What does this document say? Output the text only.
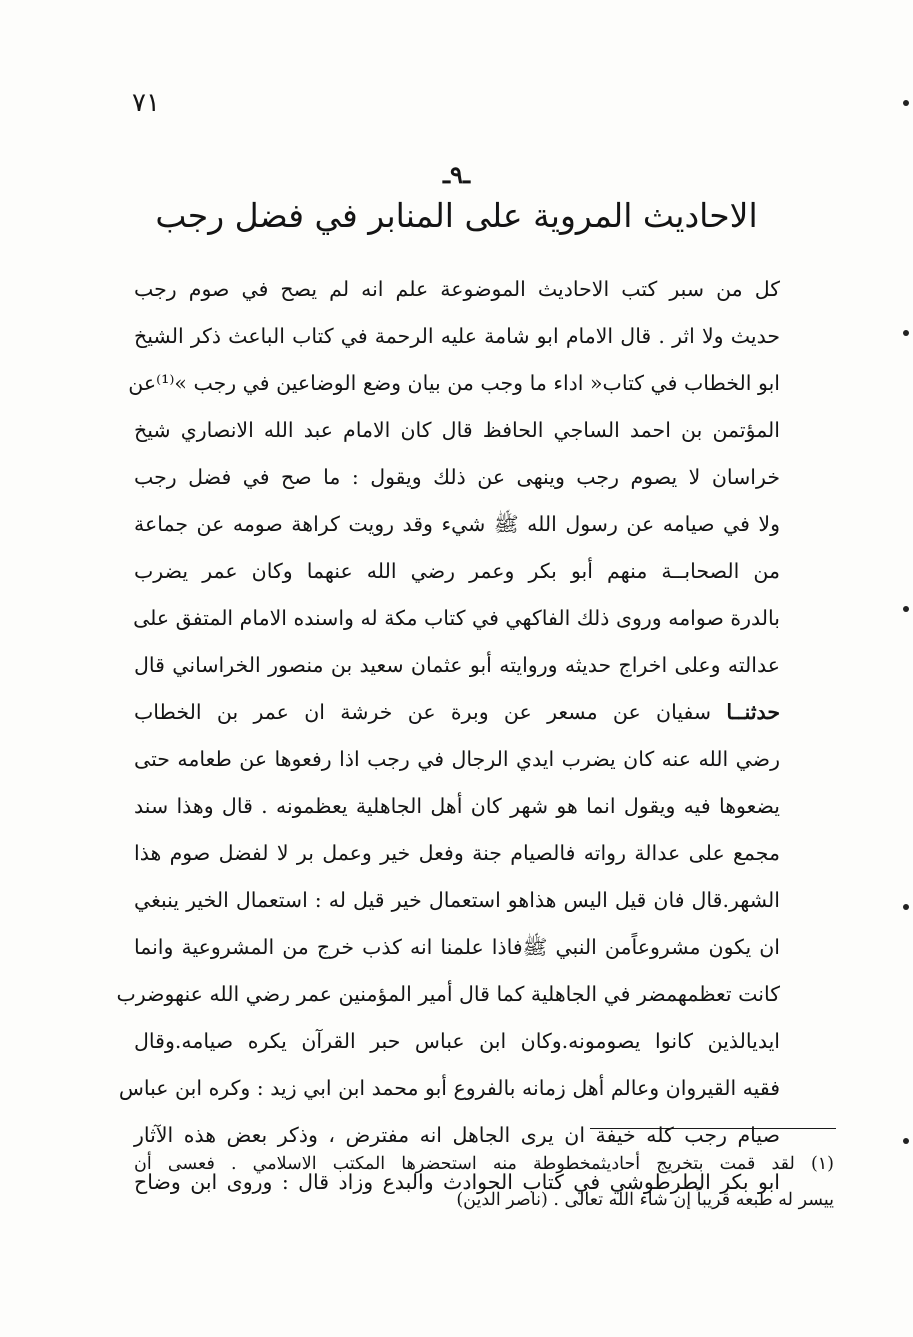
٧١
ـ٩ـ
الاحاديث المروية على المنابر في فضل رجب
كل من سبر كتب الاحاديث الموضوعة علم انه لم يصح في صوم رجب
حديث ولا اثر . قال الامام ابو شامة عليه الرحمة في كتاب الباعث ذكر الشيخ
ابو الخطاب في كتاب« اداء ما وجب من بيان وضع الوضاعين في رجب »⁽¹⁾عن
المؤتمن بن احمد الساجي الحافظ قال كان الامام عبد الله الانصاري شيخ
خراسان لا يصوم رجب وينهى عن ذلك ويقول : ما صح في فضل رجب
ولا في صيامه عن رسول الله ﷺ شيء وقد رويت كراهة صومه عن جماعة
من الصحابــة منهم أبو بكر وعمر رضي الله عنهما وكان عمر يضرب
بالدرة صوامه وروى ذلك الفاكهي في كتاب مكة له واسنده الامام المتفق على
عدالته وعلى اخراج حديثه وروايته أبو عثمان سعيد بن منصور الخراساني قال
حدثنــا سفيان عن مسعر عن وبرة عن خرشة ان عمر بن الخطاب
رضي الله عنه كان يضرب ايدي الرجال في رجب اذا رفعوها عن طعامه حتى
يضعوها فيه ويقول انما هو شهر كان أهل الجاهلية يعظمونه . قال وهذا سند
مجمع على عدالة رواته فالصيام جنة وفعل خير وعمل بر لا لفضل صوم هذا
الشهر.قال فان قيل اليس هذاهو استعمال خير قيل له : استعمال الخير ينبغي
ان يكون مشروعاًمن النبي ﷺفاذا علمنا انه كذب خرج من المشروعية وانما
كانت تعظمهمضر في الجاهلية كما قال أمير المؤمنين عمر رضي الله عنهوضرب
ايديالذين كانوا يصومونه.وكان ابن عباس حبر القرآن يكره صيامه.وقال
فقيه القيروان وعالم أهل زمانه بالفروع أبو محمد ابن ابي زيد : وكره ابن عباس
صيام رجب كله خيفة ان يرى الجاهل انه مفترض ، وذكر بعض هذه الآثار
ابو بكر الطرطوشي في كتاب الحوادث والبدع وزاد قال : وروى ابن وضاح
(١) لقد قمت بتخريج أحاديثمخطوطة منه استحضرها المكتب الاسلامي . فعسى أن
ييسر له طبعه قريباً إن شاء الله تعالى . (ناصر الدين)
